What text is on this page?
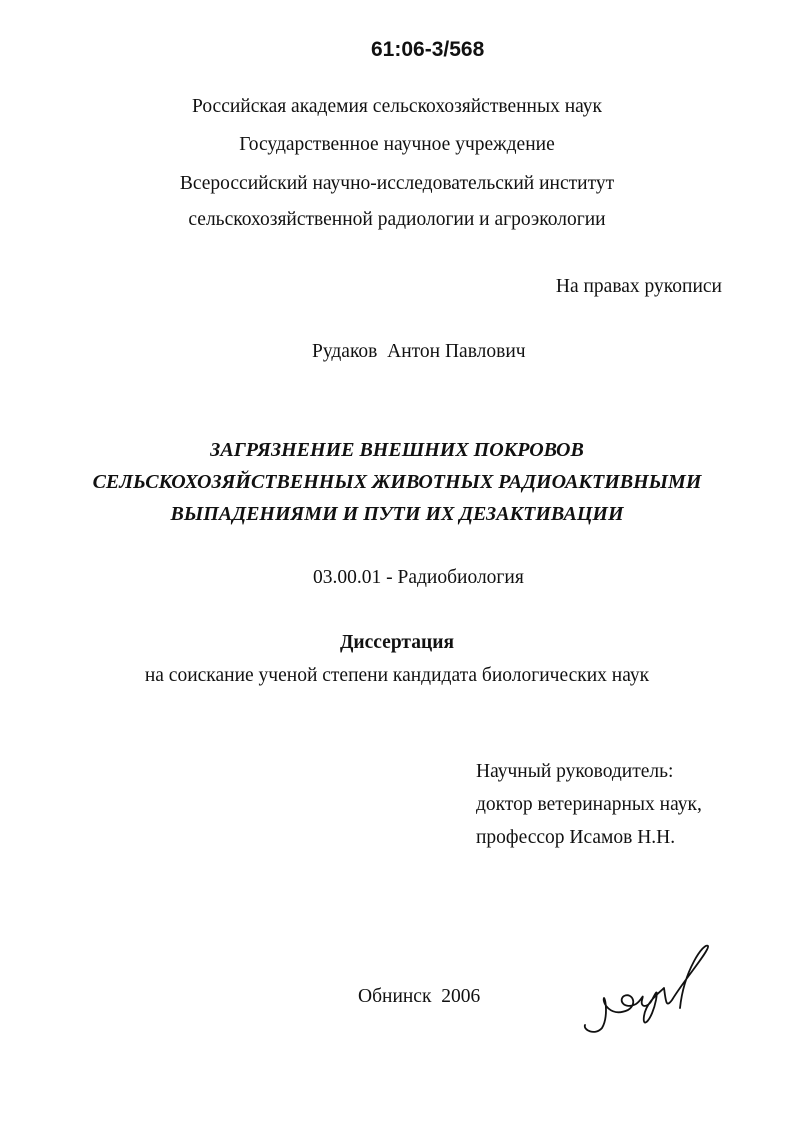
61:06-3/568
Российская академия сельскохозяйственных наук
Государственное научное учреждение
Всероссийский научно-исследовательский институт
сельскохозяйственной радиологии и агроэкологии
На правах рукописи
Рудаков  Антон Павлович
ЗАГРЯЗНЕНИЕ ВНЕШНИХ ПОКРОВОВ
СЕЛЬСКОХОЗЯЙСТВЕННЫХ ЖИВОТНЫХ РАДИОАКТИВНЫМИ
ВЫПАДЕНИЯМИ И ПУТИ ИХ ДЕЗАКТИВАЦИИ
03.00.01 - Радиобиология
Диссертация
на соискание ученой степени кандидата биологических наук
Научный руководитель:
доктор ветеринарных наук,
профессор Исамов Н.Н.
Обнинск  2006
